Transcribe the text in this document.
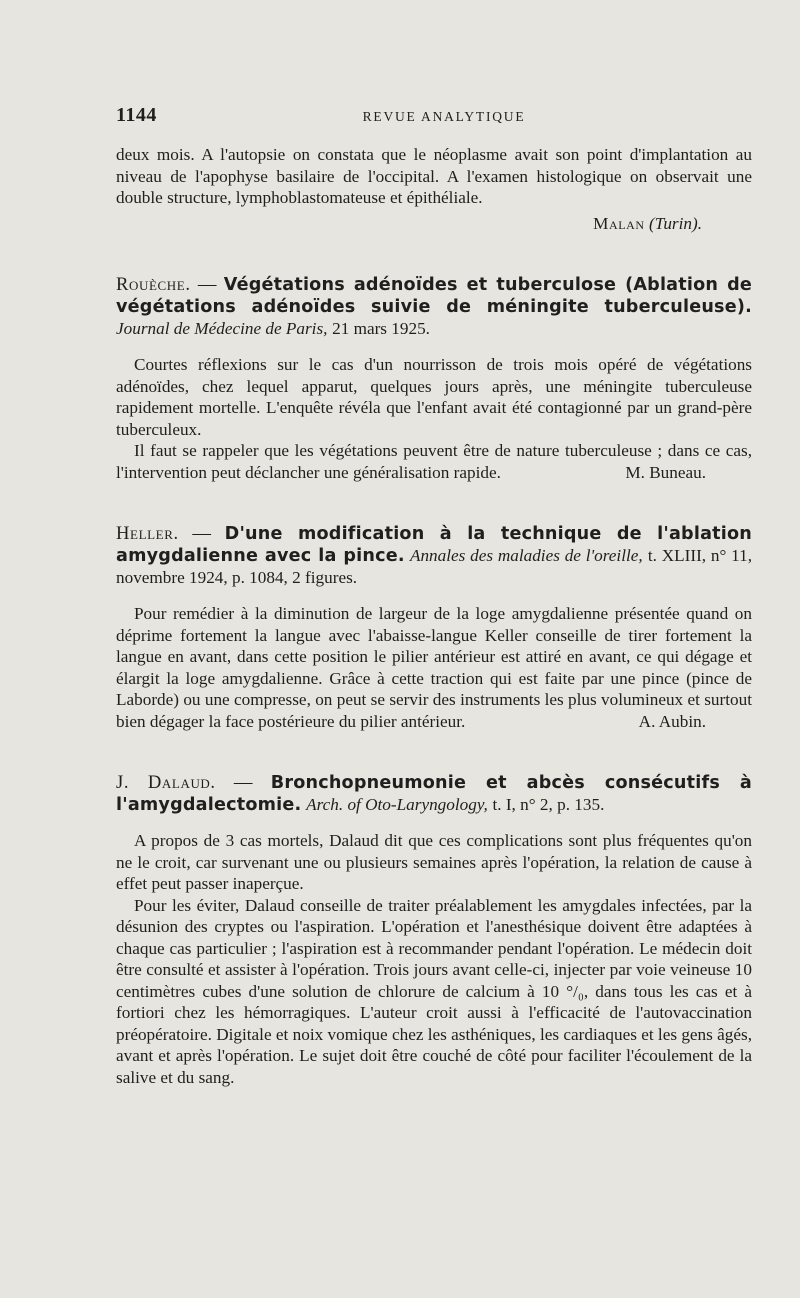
1144	REVUE ANALYTIQUE

deux mois. A l'autopsie on constata que le néoplasme avait son point d'implantation au niveau de l'apophyse basilaire de l'occipital. A l'examen histologique on observait une double structure, lymphoblastomateuse et épithéliale.

Malan (Turin).

Rouèche. — Végétations adénoïdes et tuberculose (Ablation de végétations adénoïdes suivie de méningite tuberculeuse). Journal de Médecine de Paris, 21 mars 1925.

Courtes réflexions sur le cas d'un nourrisson de trois mois opéré de végétations adénoïdes, chez lequel apparut, quelques jours après, une méningite tuberculeuse rapidement mortelle. L'enquête révéla que l'enfant avait été contagionné par un grand-père tuberculeux.

Il faut se rappeler que les végétations peuvent être de nature tuberculeuse ; dans ce cas, l'intervention peut déclancher une généralisation rapide.	M. Buneau.

Heller. — D'une modification à la technique de l'ablation amygdalienne avec la pince. Annales des maladies de l'oreille, t. XLIII, n° 11, novembre 1924, p. 1084, 2 figures.

Pour remédier à la diminution de largeur de la loge amygdalienne présentée quand on déprime fortement la langue avec l'abaisse-langue Keller conseille de tirer fortement la langue en avant, dans cette position le pilier antérieur est attiré en avant, ce qui dégage et élargit la loge amygdalienne. Grâce à cette traction qui est faite par une pince (pince de Laborde) ou une compresse, on peut se servir des instruments les plus volumineux et surtout bien dégager la face postérieure du pilier antérieur.	A. Aubin.

J. Dalaud. — Bronchopneumonie et abcès consécutifs à l'amygdalectomie. Arch. of Oto-Laryngology, t. I, n° 2, p. 135.

A propos de 3 cas mortels, Dalaud dit que ces complications sont plus fréquentes qu'on ne le croit, car survenant une ou plusieurs semaines après l'opération, la relation de cause à effet peut passer inaperçue.

Pour les éviter, Dalaud conseille de traiter préalablement les amygdales infectées, par la désunion des cryptes ou l'aspiration. L'opération et l'anesthésique doivent être adaptées à chaque cas particulier ; l'aspiration est à recommander pendant l'opération. Le médecin doit être consulté et assister à l'opération. Trois jours avant celle-ci, injecter par voie veineuse 10 centimètres cubes d'une solution de chlorure de calcium à 10 °/₀, dans tous les cas et à fortiori chez les hémorragiques. L'auteur croit aussi à l'efficacité de l'autovaccination préopératoire. Digitale et noix vomique chez les asthéniques, les cardiaques et les gens âgés, avant et après l'opération. Le sujet doit être couché de côté pour faciliter l'écoulement de la salive et du sang.
